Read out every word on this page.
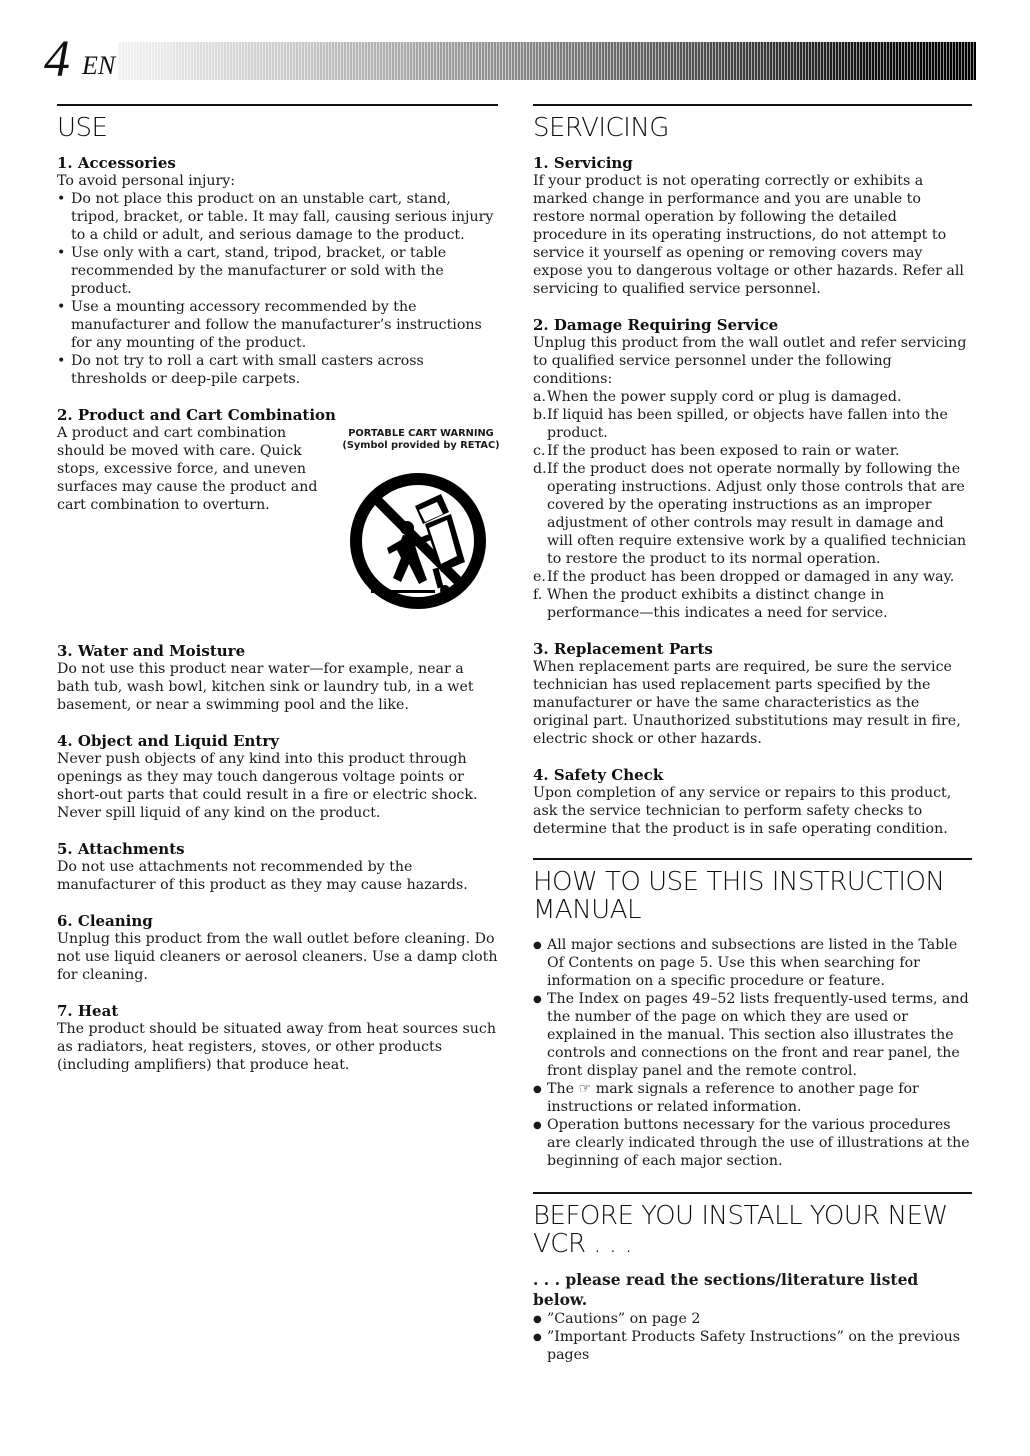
4 EN
USE

1. Accessories

To avoid personal injury:

• Do not place this product on an unstable cart, stand, tripod, bracket, or table. It may fall, causing serious injury to a child or adult, and serious damage to the product.
• Use only with a cart, stand, tripod, bracket, or table recommended by the manufacturer or sold with the product.
• Use a mounting accessory recommended by the manufacturer and follow the manufacturer’s instructions for any mounting of the product.
• Do not try to roll a cart with small casters across thresholds or deep-pile carpets.

2. Product and Cart Combination

A product and cart combination should be moved with care. Quick stops, excessive force, and uneven surfaces may cause the product and cart combination to overturn.

PORTABLE CART WARNING
(Symbol provided by RETAC)

3. Water and Moisture

Do not use this product near water—for example, near a bath tub, wash bowl, kitchen sink or laundry tub, in a wet basement, or near a swimming pool and the like.

4. Object and Liquid Entry

Never push objects of any kind into this product through openings as they may touch dangerous voltage points or short-out parts that could result in a fire or electric shock. Never spill liquid of any kind on the product.

5. Attachments

Do not use attachments not recommended by the manufacturer of this product as they may cause hazards.

6. Cleaning

Unplug this product from the wall outlet before cleaning. Do not use liquid cleaners or aerosol cleaners. Use a damp cloth for cleaning.

7. Heat

The product should be situated away from heat sources such as radiators, heat registers, stoves, or other products (including amplifiers) that produce heat.

SERVICING

1. Servicing

If your product is not operating correctly or exhibits a marked change in performance and you are unable to restore normal operation by following the detailed procedure in its operating instructions, do not attempt to service it yourself as opening or removing covers may expose you to dangerous voltage or other hazards. Refer all servicing to qualified service personnel.

2. Damage Requiring Service

Unplug this product from the wall outlet and refer servicing to qualified service personnel under the following conditions:

a. When the power supply cord or plug is damaged.
b. If liquid has been spilled, or objects have fallen into the product.
c. If the product has been exposed to rain or water.
d. If the product does not operate normally by following the operating instructions. Adjust only those controls that are covered by the operating instructions as an improper adjustment of other controls may result in damage and will often require extensive work by a qualified technician to restore the product to its normal operation.
e. If the product has been dropped or damaged in any way.
f. When the product exhibits a distinct change in performance—this indicates a need for service.

3. Replacement Parts

When replacement parts are required, be sure the service technician has used replacement parts specified by the manufacturer or have the same characteristics as the original part. Unauthorized substitutions may result in fire, electric shock or other hazards.

4. Safety Check

Upon completion of any service or repairs to this product, ask the service technician to perform safety checks to determine that the product is in safe operating condition.

HOW TO USE THIS INSTRUCTION
MANUAL
● All major sections and subsections are listed in the Table Of Contents on page 5. Use this when searching for information on a specific procedure or feature.
● The Index on pages 49–52 lists frequently-used terms, and the number of the page on which they are used or explained in the manual. This section also illustrates the controls and connections on the front and rear panel, the front display panel and the remote control.
● The ☞ mark signals a reference to another page for instructions or related information.
● Operation buttons necessary for the various procedures are clearly indicated through the use of illustrations at the beginning of each major section.
BEFORE YOU INSTALL YOUR NEW
VCR . . .

. . . please read the sections/literature listed below.

● ”Cautions” on page 2
● ”Important Products Safety Instructions” on the previous pages
